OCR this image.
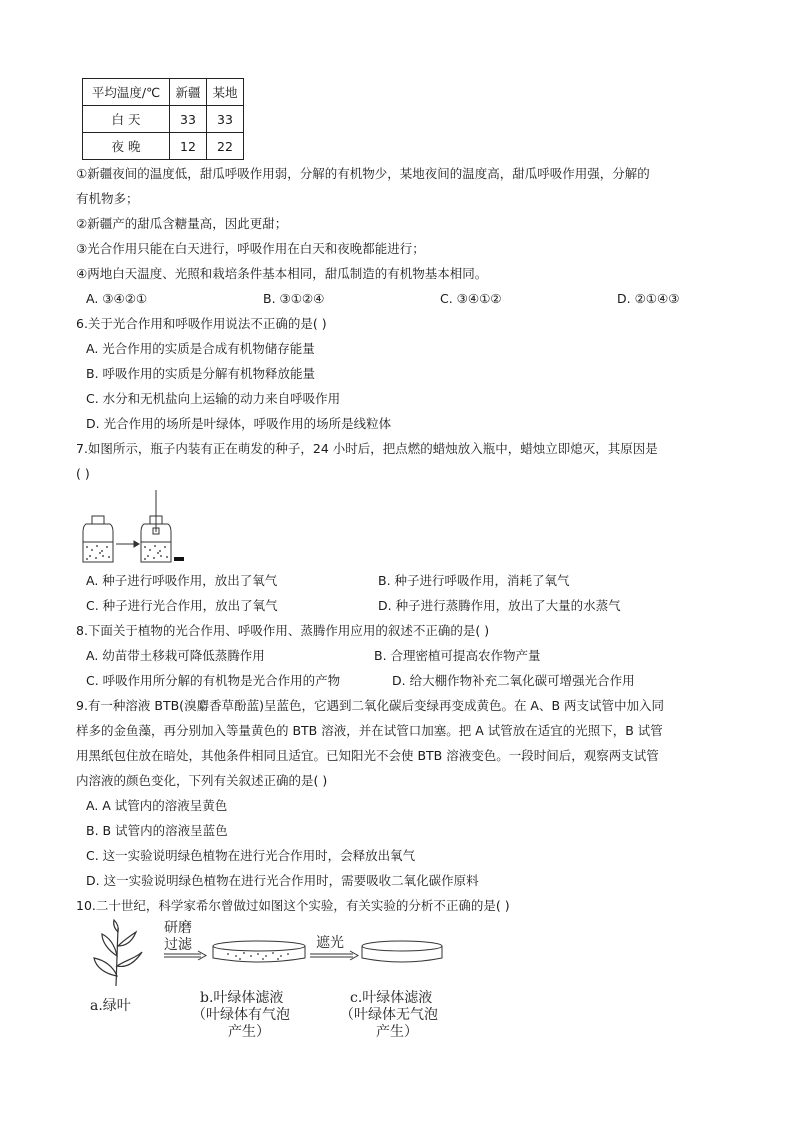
平均温度/℃	新疆	某地
白 天	33	33
夜 晚	12	22
①新疆夜间的温度低，甜瓜呼吸作用弱，分解的有机物少，某地夜间的温度高，甜瓜呼吸作用强，分解的
有机物多；
②新疆产的甜瓜含糖量高，因此更甜；
③光合作用只能在白天进行，呼吸作用在白天和夜晚都能进行；
④两地白天温度、光照和栽培条件基本相同，甜瓜制造的有机物基本相同。
A. ③④②①	B. ③①②④	C. ③④①②	D. ②①④③
6.关于光合作用和呼吸作用说法不正确的是( )
A. 光合作用的实质是合成有机物储存能量
B. 呼吸作用的实质是分解有机物释放能量
C. 水分和无机盐向上运输的动力来自呼吸作用
D. 光合作用的场所是叶绿体，呼吸作用的场所是线粒体
7.如图所示，瓶子内装有正在萌发的种子，24 小时后，把点燃的蜡烛放入瓶中，蜡烛立即熄灭，其原因是
( )
A. 种子进行呼吸作用，放出了氧气	B. 种子进行呼吸作用，消耗了氧气
C. 种子进行光合作用，放出了氧气	D. 种子进行蒸腾作用，放出了大量的水蒸气
8.下面关于植物的光合作用、呼吸作用、蒸腾作用应用的叙述不正确的是( )
A. 幼苗带土移栽可降低蒸腾作用	B. 合理密植可提高农作物产量
C. 呼吸作用所分解的有机物是光合作用的产物	D. 给大棚作物补充二氧化碳可增强光合作用
9.有一种溶液 BTB(溴麝香草酚蓝)呈蓝色，它遇到二氧化碳后变绿再变成黄色。在 A、B 两支试管中加入同
样多的金鱼藻，再分别加入等量黄色的 BTB 溶液，并在试管口加塞。把 A 试管放在适宜的光照下，B 试管
用黑纸包住放在暗处，其他条件相同且适宜。已知阳光不会使 BTB 溶液变色。一段时间后，观察两支试管
内溶液的颜色变化，下列有关叙述正确的是( )
A. A 试管内的溶液呈黄色
B. B 试管内的溶液呈蓝色
C. 这一实验说明绿色植物在进行光合作用时，会释放出氧气
D. 这一实验说明绿色植物在进行光合作用时，需要吸收二氧化碳作原料
10.二十世纪，科学家希尔曾做过如图这个实验，有关实验的分析不正确的是( )
a.绿叶
研磨
过滤
b.叶绿体滤液
（叶绿体有气泡
产生）
遮光
c.叶绿体滤液
（叶绿体无气泡
产生）
